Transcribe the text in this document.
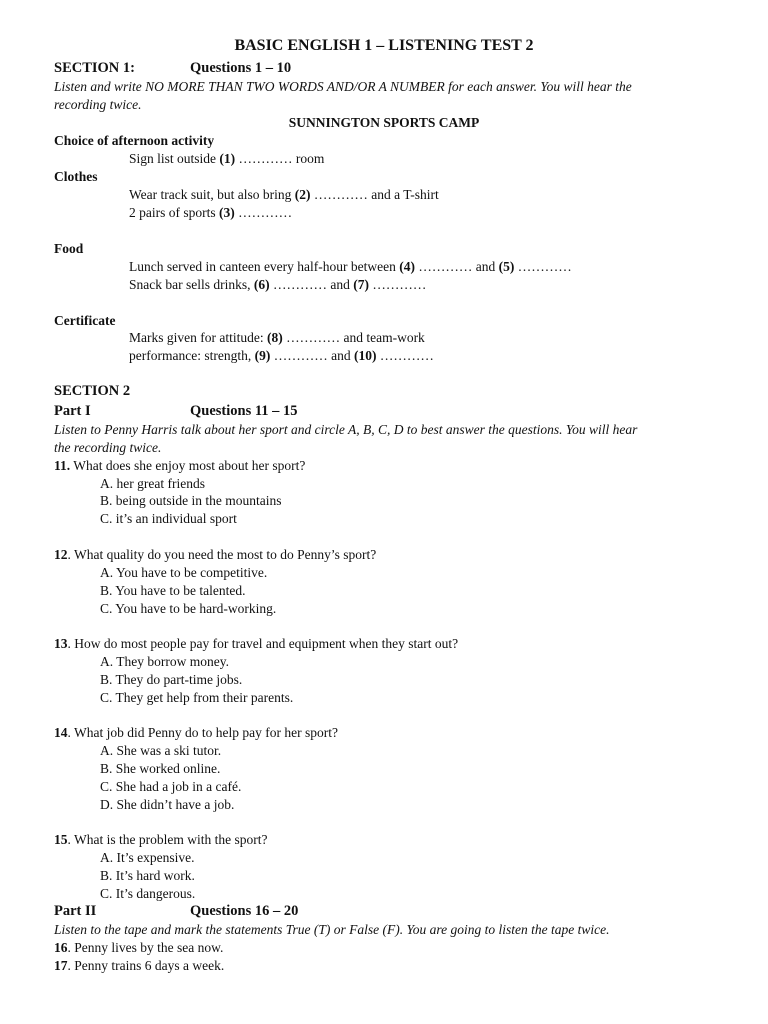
BASIC ENGLISH 1 – LISTENING TEST 2
SECTION 1:	Questions 1 – 10
Listen and write NO MORE THAN TWO WORDS AND/OR A NUMBER for each answer. You will hear the
recording twice.
SUNNINGTON SPORTS CAMP
Choice of afternoon activity
Sign list outside (1) ………… room
Clothes
Wear track suit, but also bring (2) ………… and a T-shirt
2 pairs of sports (3) …………
Food
Lunch served in canteen every half-hour between (4) ………… and (5) …………
Snack bar sells drinks, (6) ………… and (7) …………
Certificate
Marks given for attitude: (8) ………… and team-work
performance: strength, (9) ………… and (10) …………
SECTION 2
Part I	Questions 11 – 15
Listen to Penny Harris talk about her sport and circle A, B, C, D to best answer the questions. You will hear
the recording twice.
11. What does she enjoy most about her sport?
A. her great friends
B. being outside in the mountains
C. it’s an individual sport
12. What quality do you need the most to do Penny’s sport?
A. You have to be competitive.
B. You have to be talented.
C. You have to be hard-working.
13. How do most people pay for travel and equipment when they start out?
A. They borrow money.
B. They do part-time jobs.
C. They get help from their parents.
14. What job did Penny do to help pay for her sport?
A. She was a ski tutor.
B. She worked online.
C. She had a job in a café.
D. She didn’t have a job.
15. What is the problem with the sport?
A. It’s expensive.
B. It’s hard work.
C. It’s dangerous.
Part II	Questions 16 – 20
Listen to the tape and mark the statements True (T) or False (F). You are going to listen the tape twice.
16. Penny lives by the sea now.
17. Penny trains 6 days a week.
